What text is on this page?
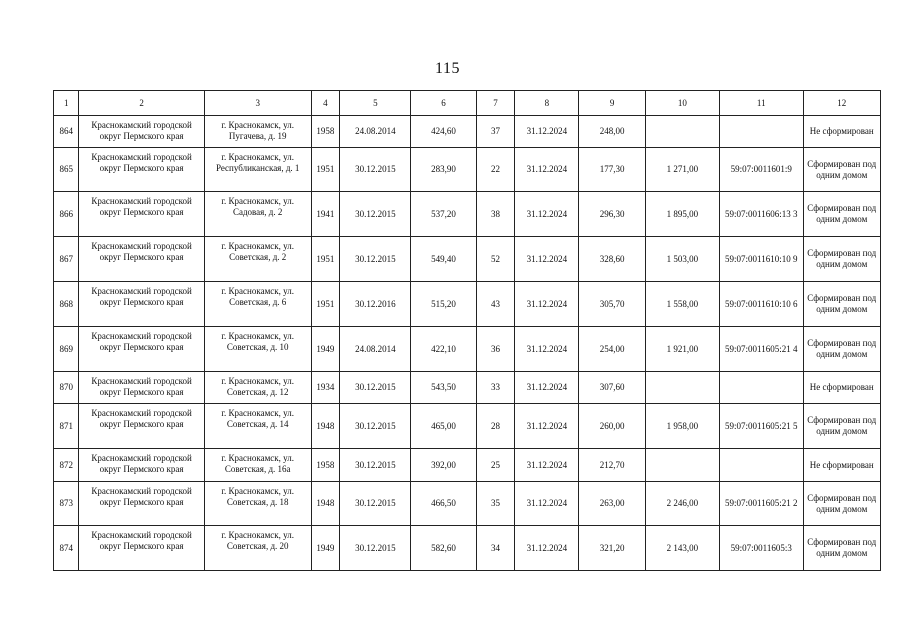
115
1	2	3	4	5	6	7	8	9	10	11	12
864	Краснокамский городской округ Пермского края	г. Краснокамск, ул. Пугачева, д. 19	1958	24.08.2014	424,60	37	31.12.2024	248,00			Не сформирован
865	Краснокамский городской округ Пермского края	г. Краснокамск, ул. Республиканская, д. 1	1951	30.12.2015	283,90	22	31.12.2024	177,30	1 271,00	59:07:0011601:9	Сформирован под одним домом
866	Краснокамский городской округ Пермского края	г. Краснокамск, ул. Садовая, д. 2	1941	30.12.2015	537,20	38	31.12.2024	296,30	1 895,00	59:07:0011606:13 3	Сформирован под одним домом
867	Краснокамский городской округ Пермского края	г. Краснокамск, ул. Советская, д. 2	1951	30.12.2015	549,40	52	31.12.2024	328,60	1 503,00	59:07:0011610:10 9	Сформирован под одним домом
868	Краснокамский городской округ Пермского края	г. Краснокамск, ул. Советская, д. 6	1951	30.12.2016	515,20	43	31.12.2024	305,70	1 558,00	59:07:0011610:10 6	Сформирован под одним домом
869	Краснокамский городской округ Пермского края	г. Краснокамск, ул. Советская, д. 10	1949	24.08.2014	422,10	36	31.12.2024	254,00	1 921,00	59:07:0011605:21 4	Сформирован под одним домом
870	Краснокамский городской округ Пермского края	г. Краснокамск, ул. Советская, д. 12	1934	30.12.2015	543,50	33	31.12.2024	307,60			Не сформирован
871	Краснокамский городской округ Пермского края	г. Краснокамск, ул. Советская, д. 14	1948	30.12.2015	465,00	28	31.12.2024	260,00	1 958,00	59:07:0011605:21 5	Сформирован под одним домом
872	Краснокамский городской округ Пермского края	г. Краснокамск, ул. Советская, д. 16а	1958	30.12.2015	392,00	25	31.12.2024	212,70			Не сформирован
873	Краснокамский городской округ Пермского края	г. Краснокамск, ул. Советская, д. 18	1948	30.12.2015	466,50	35	31.12.2024	263,00	2 246,00	59:07:0011605:21 2	Сформирован под одним домом
874	Краснокамский городской округ Пермского края	г. Краснокамск, ул. Советская, д. 20	1949	30.12.2015	582,60	34	31.12.2024	321,20	2 143,00	59:07:0011605:3	Сформирован под одним домом
